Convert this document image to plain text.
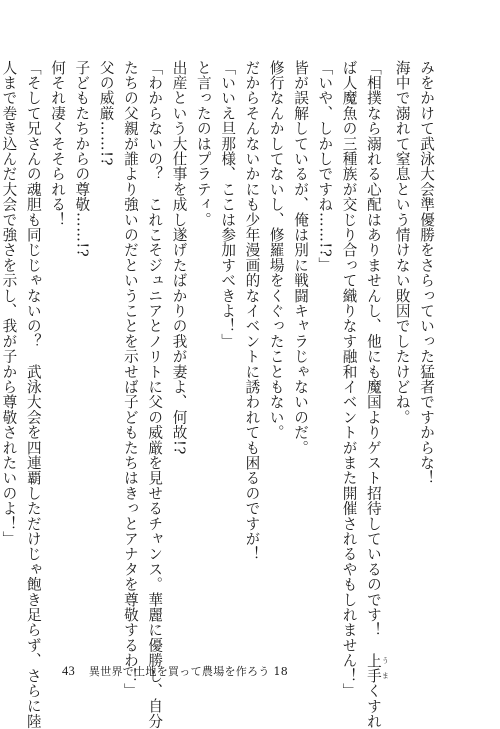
みをかけて武泳大会準優勝をさらっていった猛者ですからな！
海中で溺れて窒息という情けない敗因でしたけどね。
「相撲なら溺れる心配はありませんし、他にも魔国よりゲスト招待しているのです！　上手 うまくすれ
ば人魔魚の三種族が交じり合って織りなす融和イベントがまた開催されるやもしれません！」
「いや、しかしですね……!?」
皆が誤解しているが、俺は別に戦闘キャラじゃないのだ。
修行なんかしてないし、修羅場をくぐったこともない。
だからそんないかにも少年漫画的なイベントに誘われても困るのですが！
「いいえ旦那様、ここは参加すべきよ！」
と言ったのはプラティ。
出産という大仕事を成し遂げたばかりの我が妻よ、何故!?
「わからないの？　これこそジュニアとノリトに父の威厳を見せるチャンス。華麗に優勝し、自分
たちの父親が誰より強いのだということを示せば子どもたちはきっとアナタを尊敬するわ！」
父の威厳……!?
子どもたちからの尊敬……!?
何それ凄くそそられる！
「そして兄さんの魂胆も同じじゃないの？　武泳大会を四連覇しただけじゃ飽き足らず、さらに陸
人まで巻き込んだ大会で強さを示し、我が子から尊敬されたいのよ！」
43 異世界で土地を買って農場を作ろう 18
